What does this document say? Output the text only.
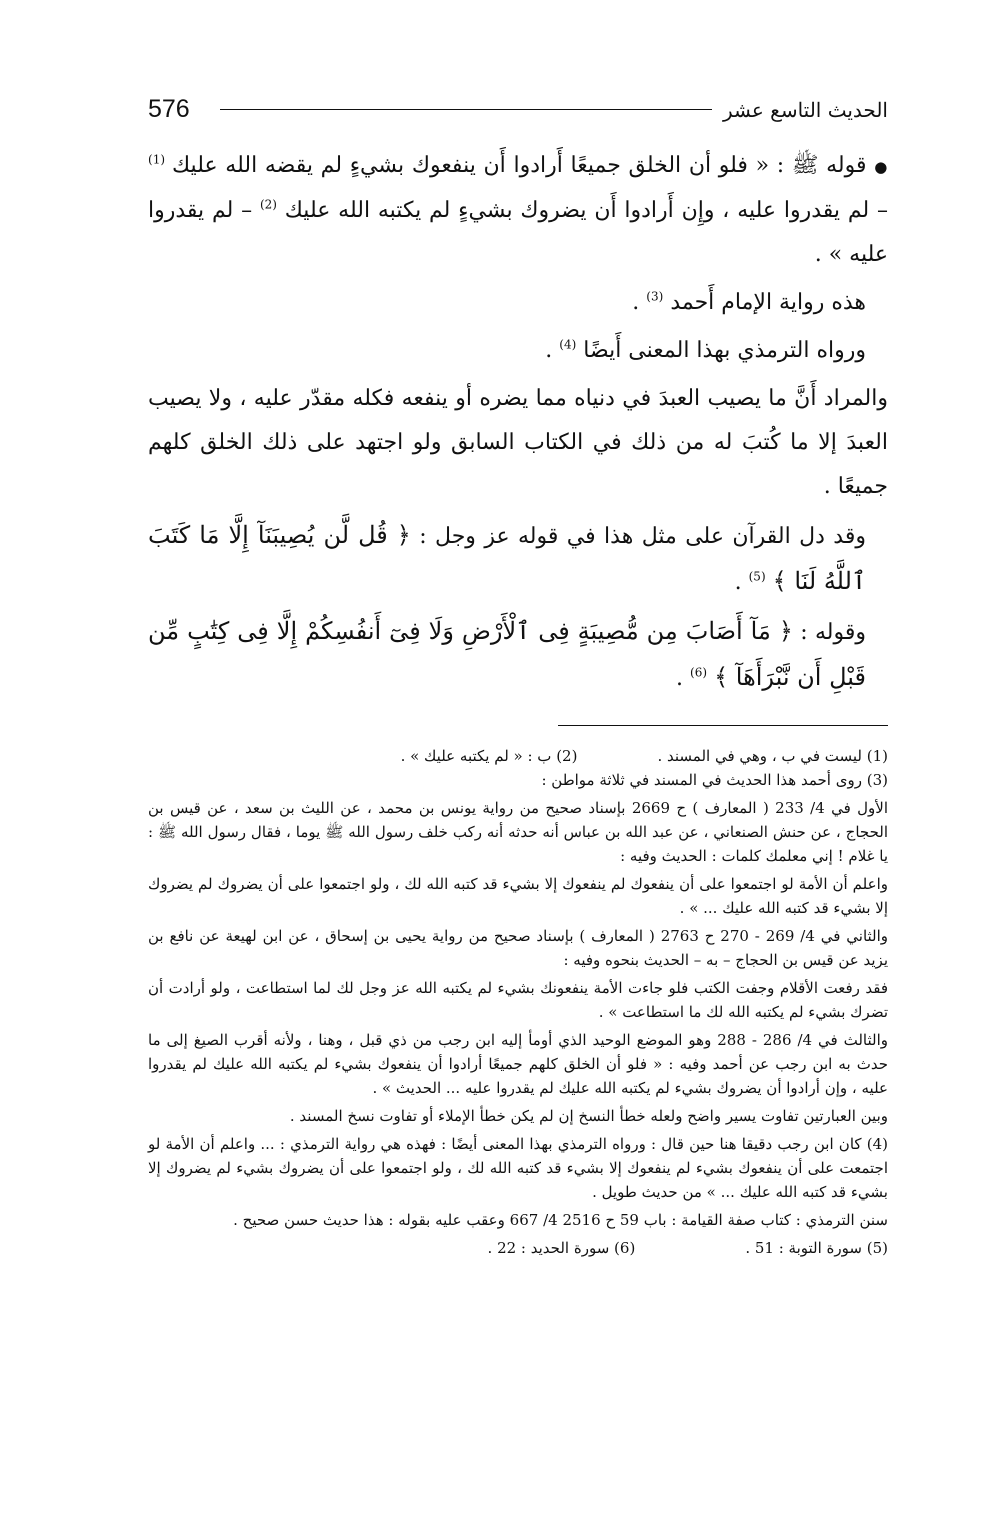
576	الحديث التاسع عشر

● قوله ﷺ : « فلو أن الخلق جميعًا أَرادوا أَن ينفعوك بشيءٍ لم يقضه الله عليك $^{(1)}$ – لم يقدروا عليه ، وإِن أَرادوا أَن يضروك بشيءٍ لم يكتبه الله عليك $^{(2)}$ – لم يقدروا عليه » .

هذه رواية الإمام أَحمد $^{(3)}$ .

ورواه الترمذي بهذا المعنى أَيضًا $^{(4)}$ .

والمراد أَنَّ ما يصيب العبدَ في دنياه مما يضره أو ينفعه فكله مقدّر عليه ، ولا يصيب العبدَ إلا ما كُتبَ له من ذلك في الكتاب السابق ولو اجتهد على ذلك الخلق كلهم جميعًا .

وقد دل القرآن على مثل هذا في قوله عز وجل : ﴿ قُل لَّن يُصِيبَنَآ إِلَّا مَا كَتَبَ ٱللَّهُ لَنَا ﴾ $^{(5)}$ .

وقوله : ﴿ مَآ أَصَابَ مِن مُّصِيبَةٍ فِى ٱلْأَرْضِ وَلَا فِىٓ أَنفُسِكُمْ إِلَّا فِى كِتَٰبٍ مِّن قَبْلِ أَن نَّبْرَأَهَآ ﴾ $^{(6)}$ .

(1) ليست في ب ، وهي في المسند .
(2) ب : « لم يكتبه عليك » .

(3) روى أحمد هذا الحديث في المسند في ثلاثة مواطن :

الأول في 4/ 233 ( المعارف ) ح 2669 بإسناد صحيح من رواية يونس بن محمد ، عن الليث بن سعد ، عن قيس بن الحجاج ، عن حنش الصنعاني ، عن عبد الله بن عباس أنه حدثه أنه ركب خلف رسول الله ﷺ يوما ، فقال رسول الله ﷺ : يا غلام ! إني معلمك كلمات : الحديث وفيه :

واعلم أن الأمة لو اجتمعوا على أن ينفعوك لم ينفعوك إلا بشيء قد كتبه الله لك ، ولو اجتمعوا على أن يضروك لم يضروك إلا بشيء قد كتبه الله عليك ... » .

والثاني في 4/ 269 - 270 ح 2763 ( المعارف ) بإسناد صحيح من رواية يحيى بن إسحاق ، عن ابن لهيعة عن نافع بن يزيد عن قيس بن الحجاج – به – الحديث بنحوه وفيه :

فقد رفعت الأقلام وجفت الكتب فلو جاءت الأمة ينفعونك بشيء لم يكتبه الله عز وجل لك لما استطاعت ، ولو أرادت أن تضرك بشيء لم يكتبه الله لك ما استطاعت » .

والثالث في 4/ 286 - 288 وهو الموضع الوحيد الذي أومأ إليه ابن رجب من ذي قبل ، وهنا ، ولأنه أقرب الصيغ إلى ما حدث به ابن رجب عن أحمد وفيه : « فلو أن الخلق كلهم جميعًا أرادوا أن ينفعوك بشيء لم يكتبه الله عليك لم يقدروا عليه ، وإن أرادوا أن يضروك بشيء لم يكتبه الله عليك لم يقدروا عليه ... الحديث » .

وبين العبارتين تفاوت يسير واضح ولعله خطأ النسخ إن لم يكن خطأ الإملاء أو تفاوت نسخ المسند .

(4) كان ابن رجب دقيقا هنا حين قال : ورواه الترمذي بهذا المعنى أيضًا : فهذه هي رواية الترمذي : ... واعلم أن الأمة لو اجتمعت على أن ينفعوك بشيء لم ينفعوك إلا بشيء قد كتبه الله لك ، ولو اجتمعوا على أن يضروك بشيء لم يضروك إلا بشيء قد كتبه الله عليك ... » من حديث طويل .

سنن الترمذي : كتاب صفة القيامة : باب 59 ح 2516 4/ 667 وعقب عليه بقوله : هذا حديث حسن صحيح .

(5) سورة التوبة : 51 .
(6) سورة الحديد : 22 .
